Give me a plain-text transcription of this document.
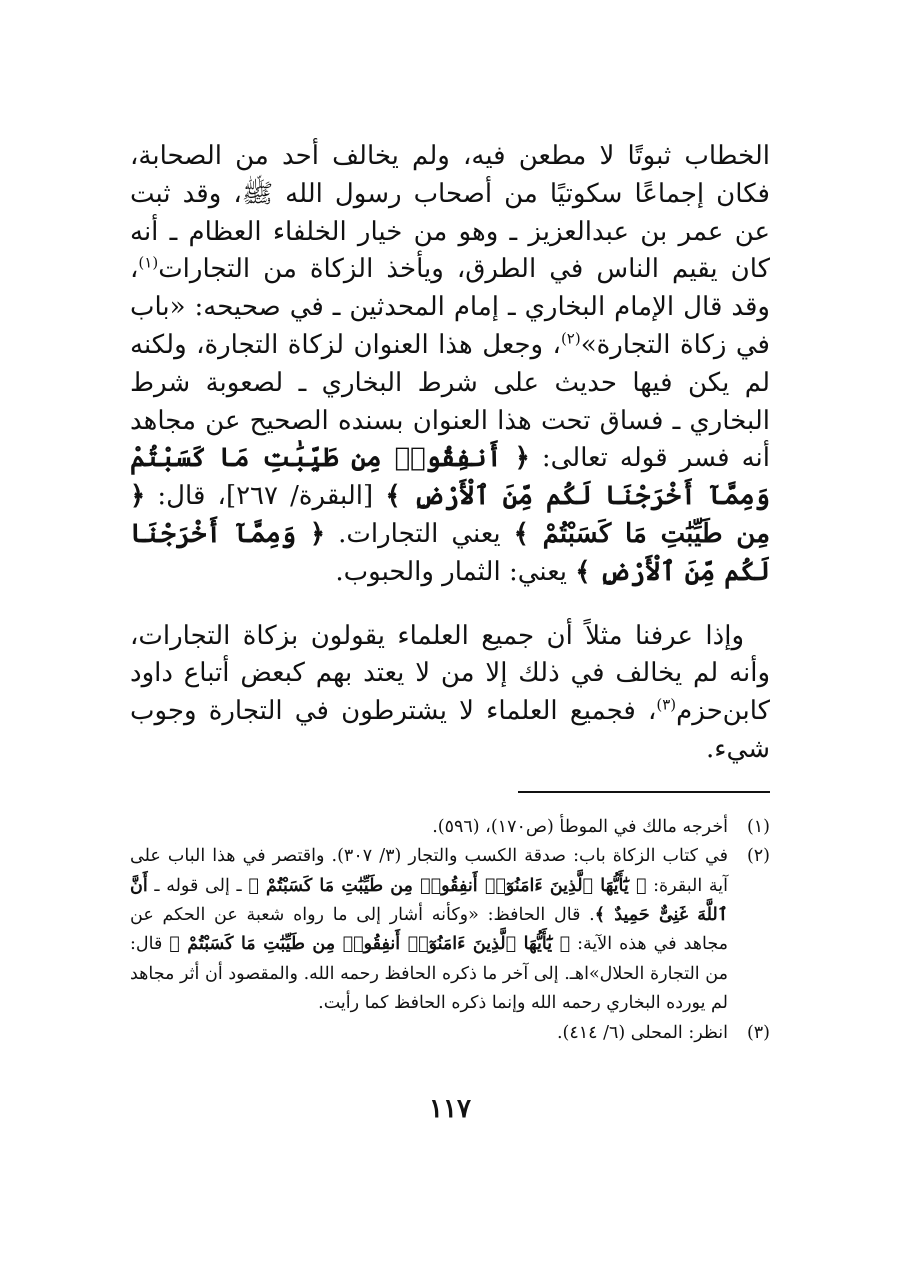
الخطاب ثبوتًا لا مطعن فيه، ولم يخالف أحد من الصحابة، فكان إجماعًا سكوتيًا من أصحاب رسول الله ﷺ، وقد ثبت عن عمر بن عبدالعزيز ـ وهو من خيار الخلفاء العظام ـ أنه كان يقيم الناس في الطرق، ويأخذ الزكاة من التجارات$^{(١)}$، وقد قال الإمام البخاري ـ إمام المحدثين ـ في صحيحه: «باب في زكاة التجارة»$^{(٢)}$، وجعل هذا العنوان لزكاة التجارة، ولكنه لم يكن فيها حديث على شرط البخاري ـ لصعوبة شرط البخاري ـ فساق تحت هذا العنوان بسنده الصحيح عن مجاهد أنه فسر قوله تعالى: ﴿ أَنفِقُوا۟ مِن طَيِّبَٰتِ مَا كَسَبْتُمْ وَمِمَّآ أَخْرَجْنَا لَكُم مِّنَ ٱلْأَرْضِ ﴾ [البقرة/ ٢٦٧]، قال: ﴿ مِن طَيِّبَٰتِ مَا كَسَبْتُمْ ﴾ يعني التجارات. ﴿ وَمِمَّآ أَخْرَجْنَا لَكُم مِّنَ ٱلْأَرْضِ ﴾ يعني: الثمار والحبوب.

وإذا عرفنا مثلاً أن جميع العلماء يقولون بزكاة التجارات، وأنه لم يخالف في ذلك إلا من لا يعتد بهم كبعض أتباع داود كابن‌حزم$^{(٣)}$، فجميع العلماء لا يشترطون في التجارة وجوب شيء.

(١)
أخرجه مالك في الموطأ (ص١٧٠)، (٥٩٦).
(٢)
في كتاب الزكاة باب: صدقة الكسب والتجار (٣/ ٣٠٧). واقتصر في هذا الباب على آية البقرة: ﴿ يَٰٓأَيُّهَا ٱلَّذِينَ ءَامَنُوٓا۟ أَنفِقُوا۟ مِن طَيِّبَٰتِ مَا كَسَبْتُمْ ﴾ ـ إلى قوله ـ أَنَّ ٱللَّهَ غَنِىٌّ حَمِيدٌ ﴾. قال الحافظ: «وكأنه أشار إلى ما رواه شعبة عن الحكم عن مجاهد في هذه الآية: ﴿ يَٰٓأَيُّهَا ٱلَّذِينَ ءَامَنُوٓا۟ أَنفِقُوا۟ مِن طَيِّبَٰتِ مَا كَسَبْتُمْ ﴾ قال: من التجارة الحلال»اهـ. إلى آخر ما ذكره الحافظ رحمه الله. والمقصود أن أثر مجاهد لم يورده البخاري رحمه الله وإنما ذكره الحافظ كما رأيت.
(٣)
انظر: المحلى (٦/ ٤١٤).
١١٧
